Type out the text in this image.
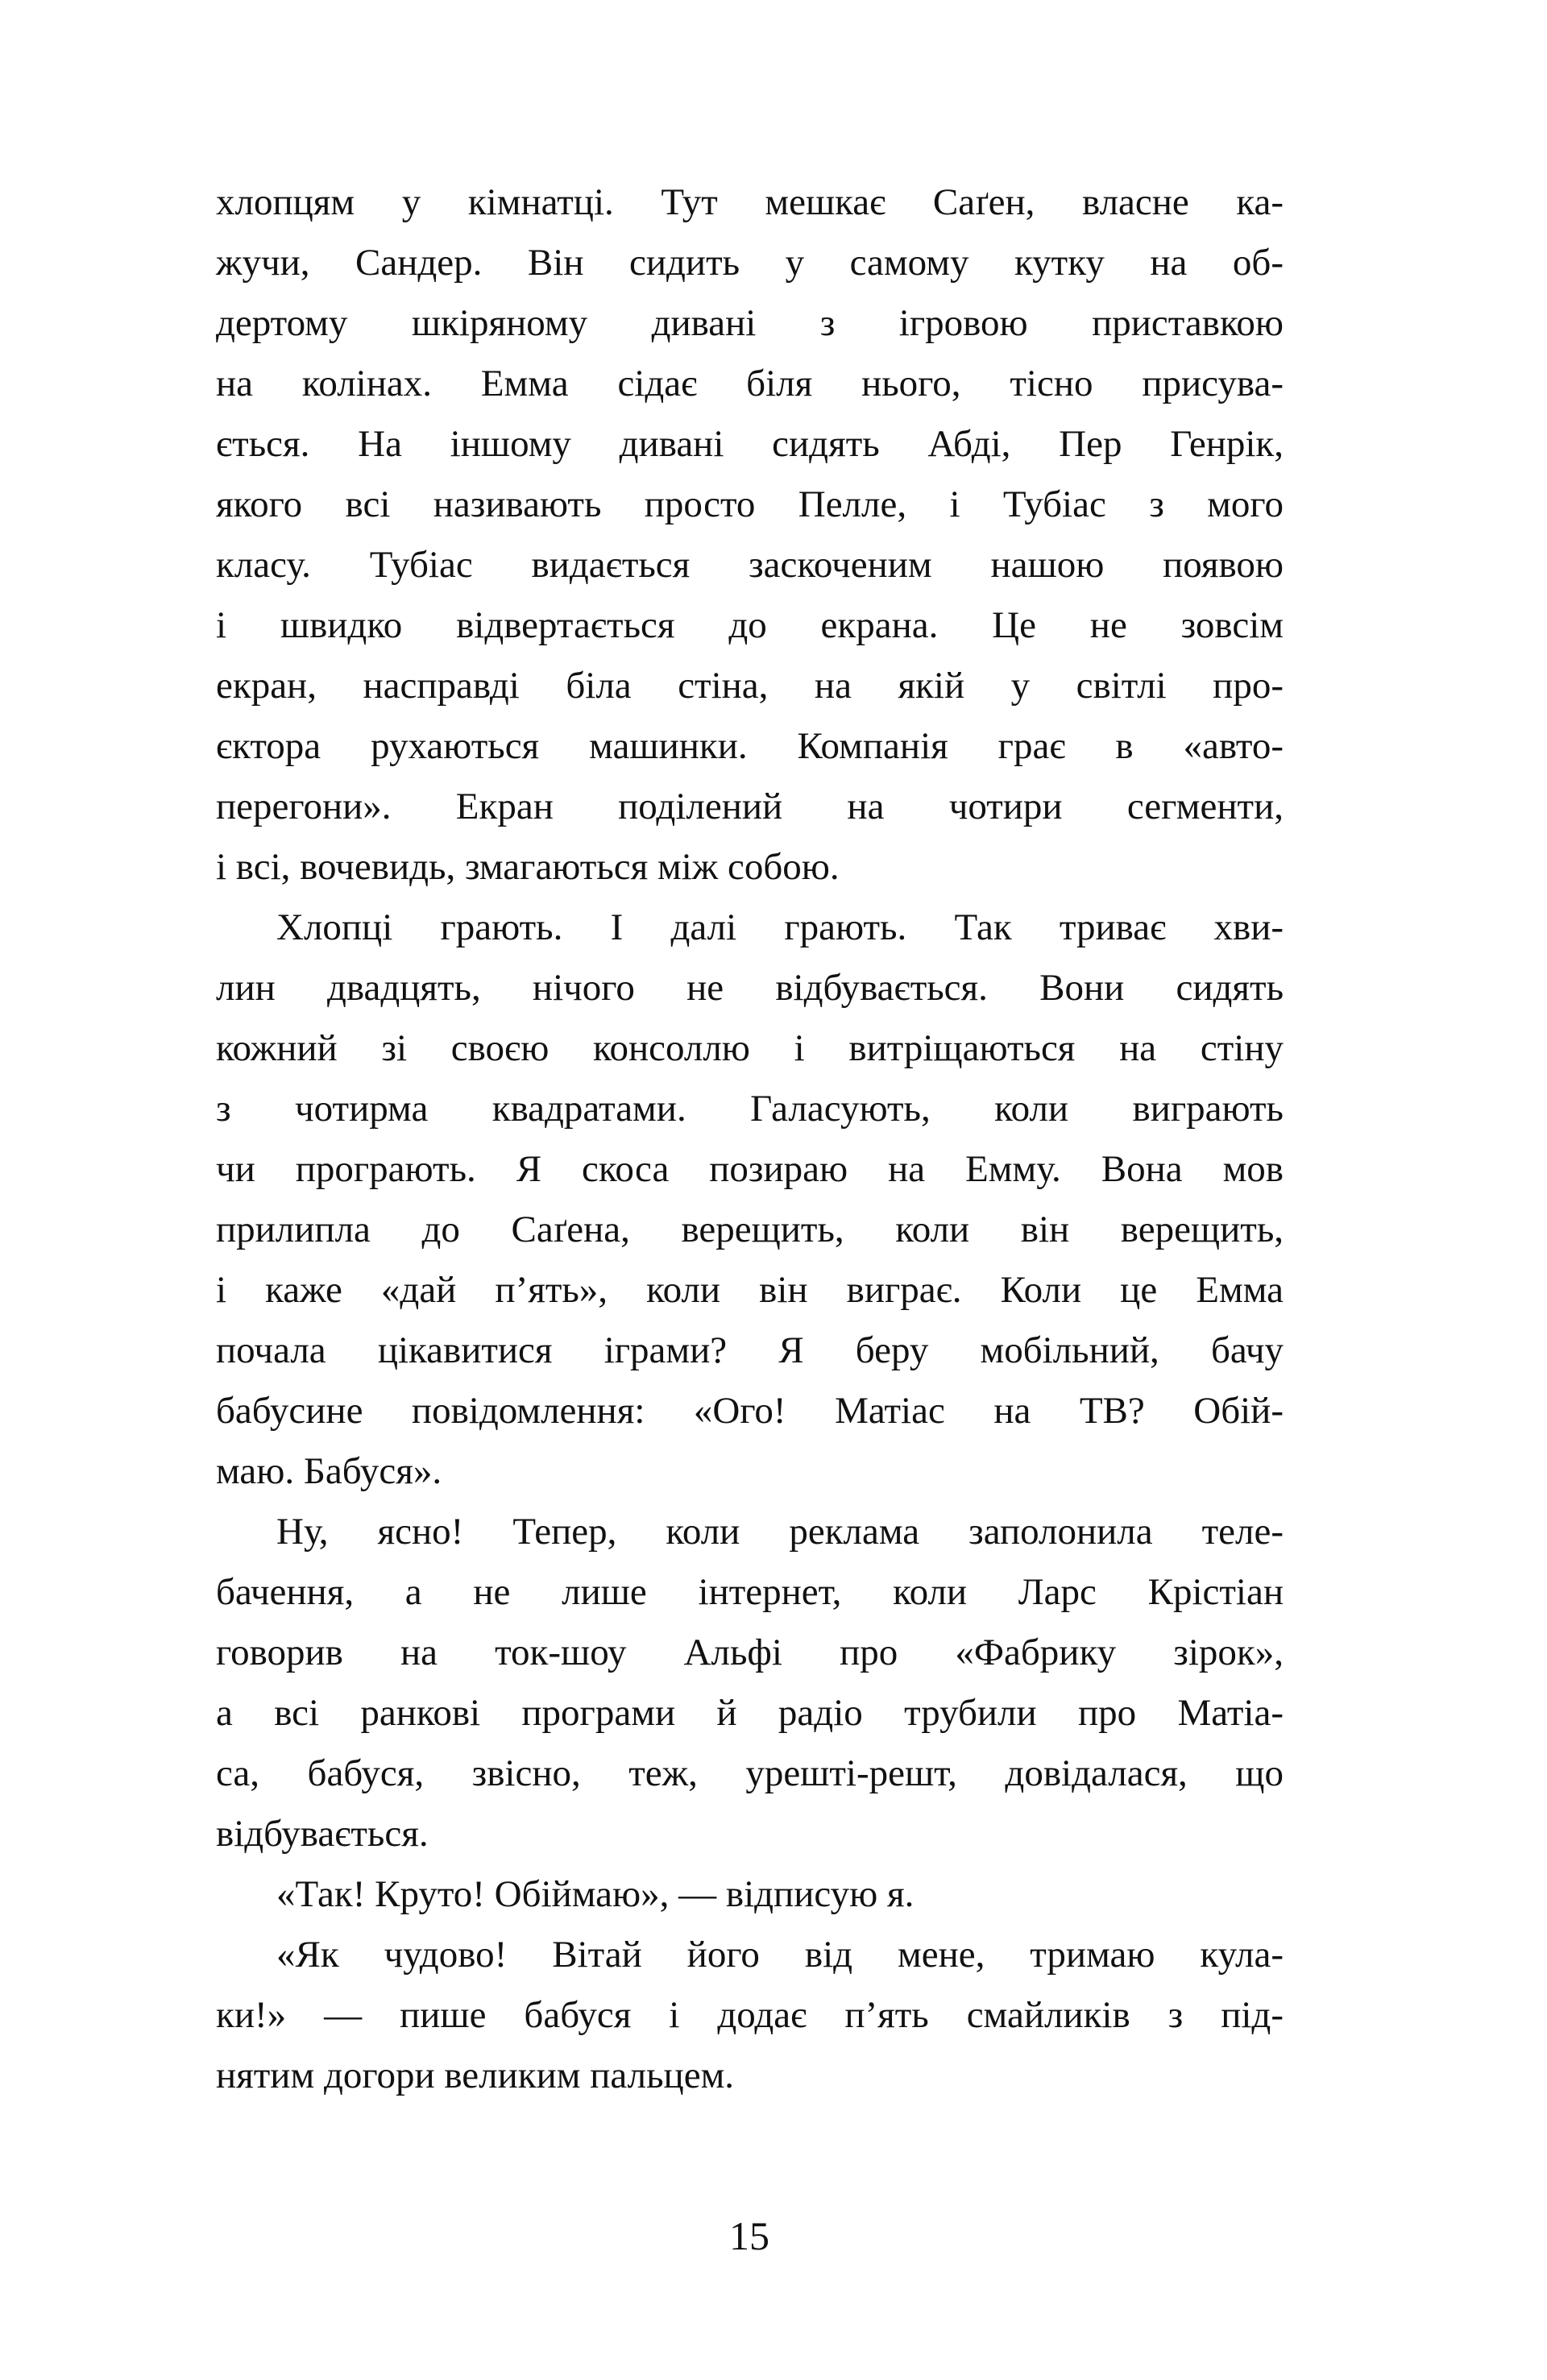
хлопцям у кімнатці. Тут мешкає Саґен, власне ка-
жучи, Сандер. Він сидить у самому кутку на об-
дертому шкіряному дивані з ігровою приставкою
на колінах. Емма сідає біля нього, тісно присува-
ється. На іншому дивані сидять Абді, Пер Генрік,
якого всі називають просто Пелле, і Тубіас з мого
класу. Тубіас видається заскоченим нашою появою
і швидко відвертається до екрана. Це не зовсім
екран, насправді біла стіна, на якій у світлі про-
єктора рухаються машинки. Компанія грає в «авто-
перегони». Екран поділений на чотири сегменти,
і всі, вочевидь, змагаються між собою.
Хлопці грають. І далі грають. Так триває хви-
лин двадцять, нічого не відбувається. Вони сидять
кожний зі своєю консоллю і витріщаються на стіну
з чотирма квадратами. Галасують, коли виграють
чи програють. Я скоса позираю на Емму. Вона мов
прилипла до Саґена, верещить, коли він верещить,
і каже «дай п’ять», коли він виграє. Коли це Емма
почала цікавитися іграми? Я беру мобільний, бачу
бабусине повідомлення: «Ого! Матіас на ТВ? Обій-
маю. Бабуся».
Ну, ясно! Тепер, коли реклама заполонила теле-
бачення, а не лише інтернет, коли Ларс Крістіан
говорив на ток-шоу Альфі про «Фабрику зірок»,
а всі ранкові програми й радіо трубили про Матіа-
са, бабуся, звісно, теж, урешті-решт, довідалася, що
відбувається.
«Так! Круто! Обіймаю», — відписую я.
«Як чудово! Вітай його від мене, тримаю кула-
ки!» — пише бабуся і додає п’ять смайликів з під-
нятим догори великим пальцем.
15
